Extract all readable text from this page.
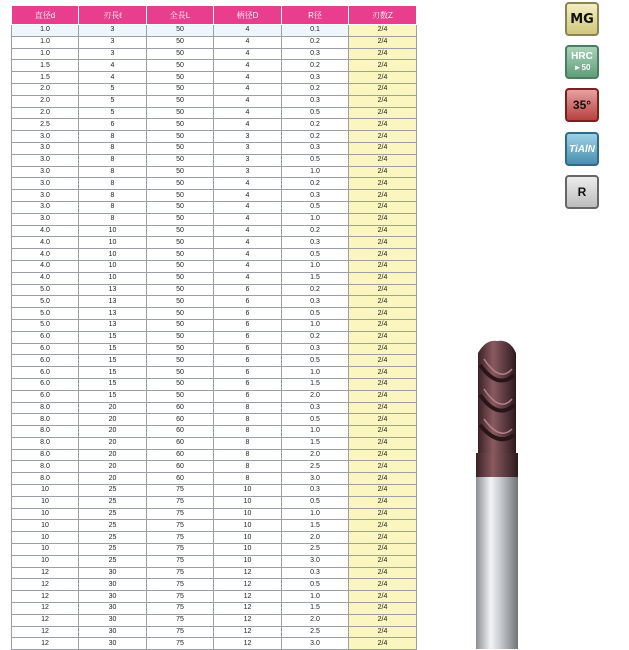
直径d	刃長ℓ	全長L	柄径D	R径	刃数Z
1.0	3	50	4	0.1	2/4
1.0	3	50	4	0.2	2/4
1.0	3	50	4	0.3	2/4
1.5	4	50	4	0.2	2/4
1.5	4	50	4	0.3	2/4
2.0	5	50	4	0.2	2/4
2.0	5	50	4	0.3	2/4
2.0	5	50	4	0.5	2/4
2.5	6	50	4	0.2	2/4
3.0	8	50	3	0.2	2/4
3.0	8	50	3	0.3	2/4
3.0	8	50	3	0.5	2/4
3.0	8	50	3	1.0	2/4
3.0	8	50	4	0.2	2/4
3.0	8	50	4	0.3	2/4
3.0	8	50	4	0.5	2/4
3.0	8	50	4	1.0	2/4
4.0	10	50	4	0.2	2/4
4.0	10	50	4	0.3	2/4
4.0	10	50	4	0.5	2/4
4.0	10	50	4	1.0	2/4
4.0	10	50	4	1.5	2/4
5.0	13	50	6	0.2	2/4
5.0	13	50	6	0.3	2/4
5.0	13	50	6	0.5	2/4
5.0	13	50	6	1.0	2/4
6.0	15	50	6	0.2	2/4
6.0	15	50	6	0.3	2/4
6.0	15	50	6	0.5	2/4
6.0	15	50	6	1.0	2/4
6.0	15	50	6	1.5	2/4
6.0	15	50	6	2.0	2/4
8.0	20	60	8	0.3	2/4
8.0	20	60	8	0.5	2/4
8.0	20	60	8	1.0	2/4
8.0	20	60	8	1.5	2/4
8.0	20	60	8	2.0	2/4
8.0	20	60	8	2.5	2/4
8.0	20	60	8	3.0	2/4
10	25	75	10	0.3	2/4
10	25	75	10	0.5	2/4
10	25	75	10	1.0	2/4
10	25	75	10	1.5	2/4
10	25	75	10	2.0	2/4
10	25	75	10	2.5	2/4
10	25	75	10	3.0	2/4
12	30	75	12	0.3	2/4
12	30	75	12	0.5	2/4
12	30	75	12	1.0	2/4
12	30	75	12	1.5	2/4
12	30	75	12	2.0	2/4
12	30	75	12	2.5	2/4
12	30	75	12	3.0	2/4
MG
HRC
►50
35°
TiAlN
R
